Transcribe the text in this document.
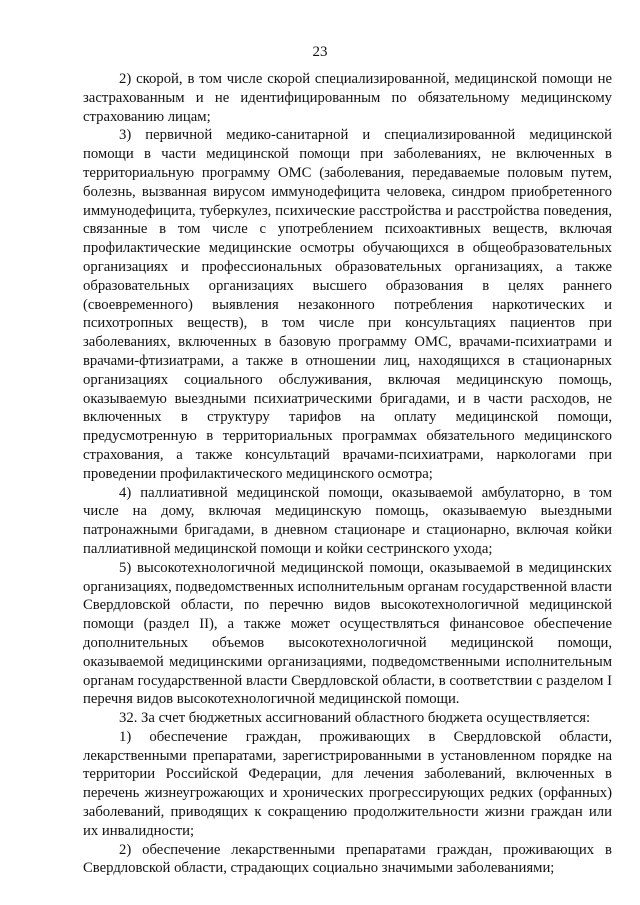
23

2) скорой, в том числе скорой специализированной, медицинской помощи не застрахованным и не идентифицированным по обязательному медицинскому страхованию лицам;

3) первичной медико-санитарной и специализированной медицинской помощи в части медицинской помощи при заболеваниях, не включенных в территориальную программу ОМС (заболевания, передаваемые половым путем, болезнь, вызванная вирусом иммунодефицита человека, синдром приобретенного иммунодефицита, туберкулез, психические расстройства и расстройства поведения, связанные в том числе с употреблением психоактивных веществ, включая профилактические медицинские осмотры обучающихся в общеобразовательных организациях и профессиональных образовательных организациях, а также образовательных организациях высшего образования в целях раннего (своевременного) выявления незаконного потребления наркотических и психотропных веществ), в том числе при консультациях пациентов при заболеваниях, включенных в базовую программу ОМС, врачами-психиатрами и врачами-фтизиатрами, а также в отношении лиц, находящихся в стационарных организациях социального обслуживания, включая медицинскую помощь, оказываемую выездными психиатрическими бригадами, и в части расходов, не включенных в структуру тарифов на оплату медицинской помощи, предусмотренную в территориальных программах обязательного медицинского страхования, а также консультаций врачами-психиатрами, наркологами при проведении профилактического медицинского осмотра;

4) паллиативной медицинской помощи, оказываемой амбулаторно, в том числе на дому, включая медицинскую помощь, оказываемую выездными патронажными бригадами, в дневном стационаре и стационарно, включая койки паллиативной медицинской помощи и койки сестринского ухода;

5) высокотехнологичной медицинской помощи, оказываемой в медицинских организациях, подведомственных исполнительным органам государственной власти Свердловской области, по перечню видов высокотехнологичной медицинской помощи (раздел II), а также может осуществляться финансовое обеспечение дополнительных объемов высокотехнологичной медицинской помощи, оказываемой медицинскими организациями, подведомственными исполнительным органам государственной власти Свердловской области, в соответствии с разделом I перечня видов высокотехнологичной медицинской помощи.

32. За счет бюджетных ассигнований областного бюджета осуществляется:

1) обеспечение граждан, проживающих в Свердловской области, лекарственными препаратами, зарегистрированными в установленном порядке на территории Российской Федерации, для лечения заболеваний, включенных в перечень жизнеугрожающих и хронических прогрессирующих редких (орфанных) заболеваний, приводящих к сокращению продолжительности жизни граждан или их инвалидности;

2) обеспечение лекарственными препаратами граждан, проживающих в Свердловской области, страдающих социально значимыми заболеваниями;
